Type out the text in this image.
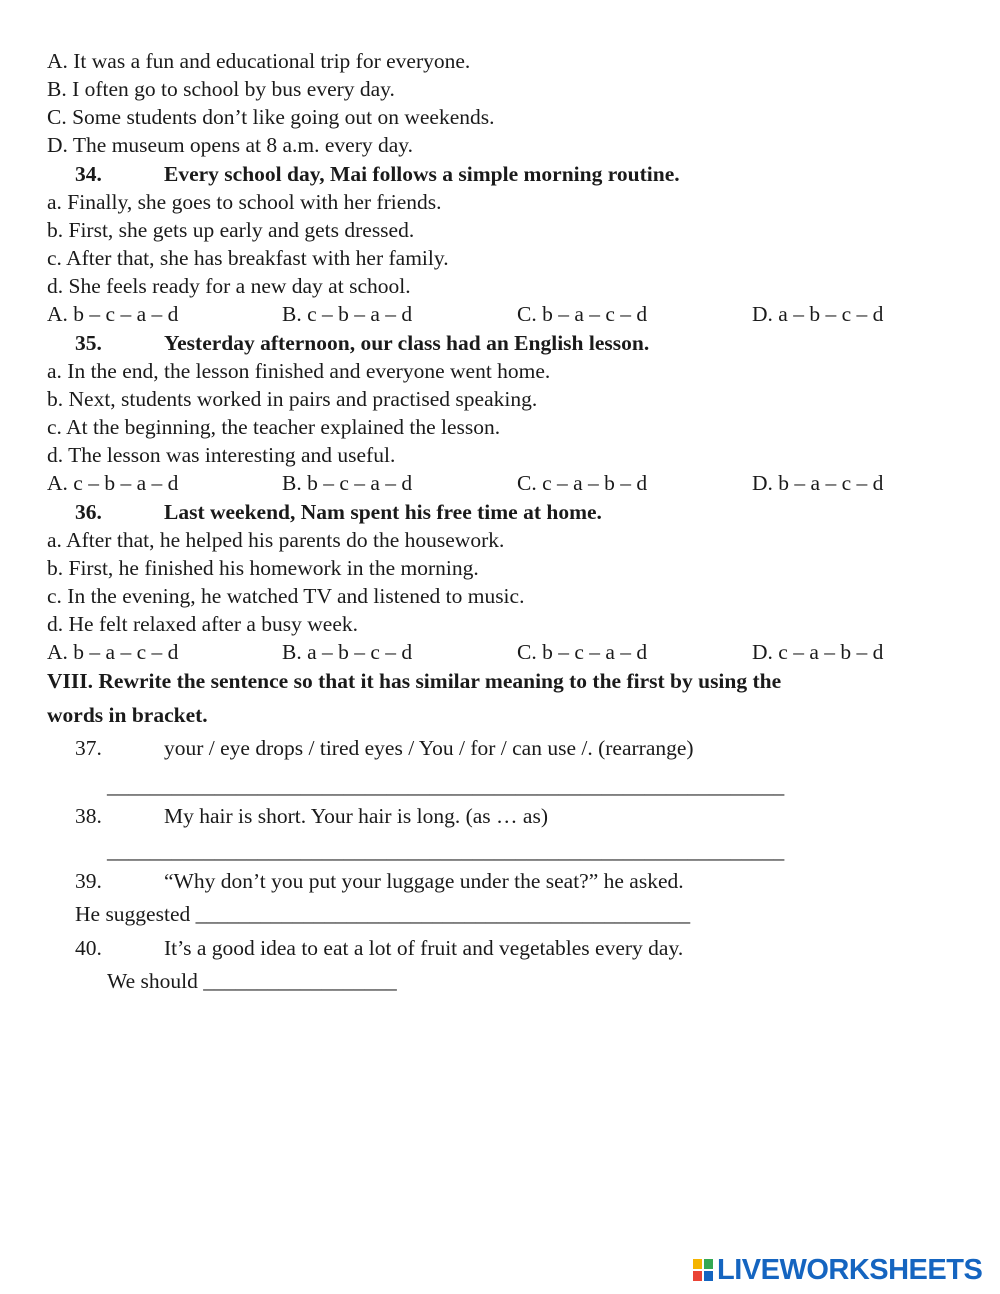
A. It was a fun and educational trip for everyone.
B. I often go to school by bus every day.
C. Some students don’t like going out on weekends.
D. The museum opens at 8 a.m. every day.
34.	Every school day, Mai follows a simple morning routine.
a. Finally, she goes to school with her friends.
b. First, she gets up early and gets dressed.
c. After that, she has breakfast with her family.
d. She feels ready for a new day at school.
A. b – c – a – d	B. c – b – a – d	C. b – a – c – d	D. a – b – c – d
35.	Yesterday afternoon, our class had an English lesson.
a. In the end, the lesson finished and everyone went home.
b. Next, students worked in pairs and practised speaking.
c. At the beginning, the teacher explained the lesson.
d. The lesson was interesting and useful.
A. c – b – a – d	B. b – c – a – d	C. c – a – b – d	D. b – a – c – d
36.	Last weekend, Nam spent his free time at home.
a. After that, he helped his parents do the housework.
b. First, he finished his homework in the morning.
c. In the evening, he watched TV and listened to music.
d. He felt relaxed after a busy week.
A. b – a – c – d	B. a – b – c – d	C. b – c – a – d	D. c – a – b – d
VIII. Rewrite the sentence so that it has similar meaning to the first by using the
words in bracket.
37.	your / eye drops / tired eyes / You / for / can use /. (rearrange)
_______________________________________________________________
38.	My hair is short. Your hair is long. (as … as)
_______________________________________________________________
39.	“Why don’t you put your luggage under the seat?” he asked.
He suggested ______________________________________________
40.	It’s a good idea to eat a lot of fruit and vegetables every day.
We should __________________
LIVEWORKSHEETS
